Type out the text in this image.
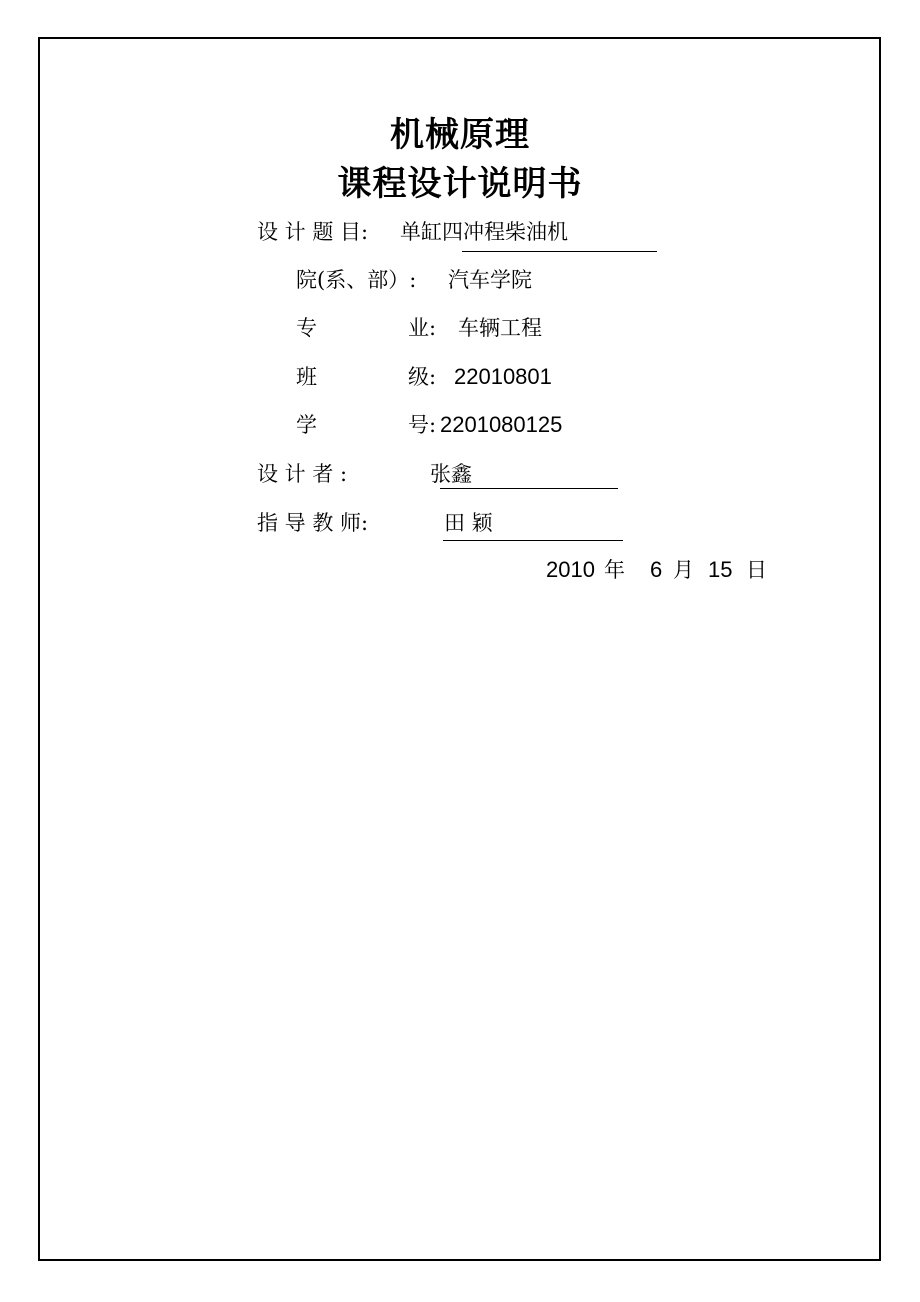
机械原理
课程设计说明书
设 计 题 目: 单缸四冲程柴油机
院(系、部）: 汽车学院
专	业: 车辆工程
班	级: 22010801
学	号: 2201080125
设 计 者 :	张鑫
指 导 教 师:	田 颖
2010 年 6 月 15 日
